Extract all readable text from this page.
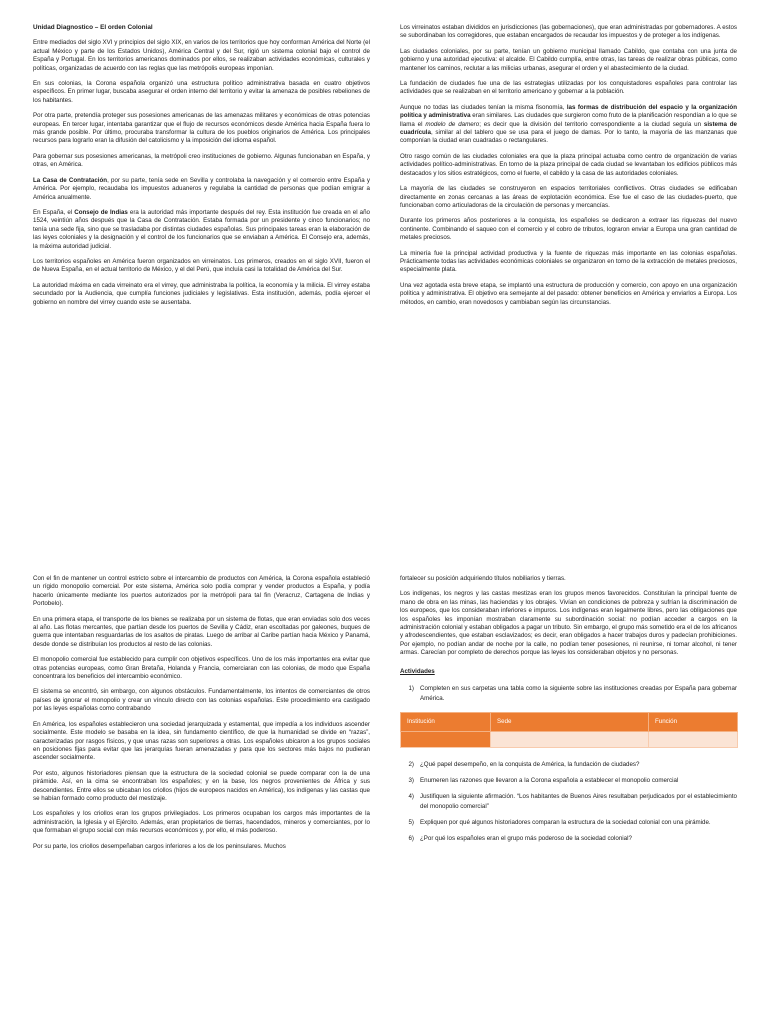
Unidad Diagnostico – El orden Colonial

Entre mediados del siglo XVI y principios del siglo XIX, en varios de los territorios que hoy conforman América del Norte (el actual México y parte de los Estados Unidos), América Central y del Sur, rigió un sistema colonial bajo el control de España y Portugal. En los territorios americanos dominados por ellos, se realizaban actividades económicas, culturales y políticas, organizadas de acuerdo con las reglas que las metrópolis europeas imponían.

En sus colonias, la Corona española organizó una estructura político administrativa basada en cuatro objetivos específicos. En primer lugar, buscaba asegurar el orden interno del territorio y evitar la amenaza de posibles rebeliones de los habitantes.

Por otra parte, pretendía proteger sus posesiones americanas de las amenazas militares y económicas de otras potencias europeas. En tercer lugar, intentaba garantizar que el flujo de recursos económicos desde América hacia España fuera lo más grande posible. Por último, procuraba transformar la cultura de los pueblos originarios de América. Los principales recursos para lograrlo eran la difusión del catolicismo y la imposición del idioma español.

Para gobernar sus posesiones americanas, la metrópoli creo instituciones de gobierno. Algunas funcionaban en España, y otras, en América.

La Casa de Contratación, por su parte, tenía sede en Sevilla y controlaba la navegación y el comercio entre España y América. Por ejemplo, recaudaba los impuestos aduaneros y regulaba la cantidad de personas que podían emigrar a América anualmente.

En España, el Consejo de Indias era la autoridad más importante después del rey. Esta institución fue creada en el año 1524, veintiún años después que la Casa de Contratación. Estaba formada por un presidente y cinco funcionarios; no tenía una sede fija, sino que se trasladaba por distintas ciudades españolas. Sus principales tareas eran la elaboración de las leyes coloniales y la designación y el control de los funcionarios que se enviaban a América. El Consejo era, además, la máxima autoridad judicial.

Los territorios españoles en América fueron organizados en virreinatos. Los primeros, creados en el siglo XVII, fueron el de Nueva España, en el actual territorio de México, y el del Perú, que incluía casi la totalidad de América del Sur.

La autoridad máxima en cada virreinato era el virrey, que administraba la política, la economía y la milicia. El virrey estaba secundado por la Audiencia, que cumplía funciones judiciales y legislativas. Esta institución, además, podía ejercer el gobierno en nombre del virrey cuando este se ausentaba.

Los virreinatos estaban divididos en jurisdicciones (las gobernaciones), que eran administradas por gobernadores. A estos se subordinaban los corregidores, que estaban encargados de recaudar los impuestos y de proteger a los indígenas.

Las ciudades coloniales, por su parte, tenían un gobierno municipal llamado Cabildo, que contaba con una junta de gobierno y una autoridad ejecutiva: el alcalde. El Cabildo cumplía, entre otras, las tareas de realizar obras públicas, como mantener los caminos, reclutar a las milicias urbanas, asegurar el orden y el abastecimiento de la ciudad.

La fundación de ciudades fue una de las estrategias utilizadas por los conquistadores españoles para controlar las actividades que se realizaban en el territorio americano y gobernar a la población.

Aunque no todas las ciudades tenían la misma fisonomía, las formas de distribución del espacio y la organización política y administrativa eran similares. Las ciudades que surgieron como fruto de la planificación respondían a lo que se llama el modelo de damero; es decir que la división del territorio correspondiente a la ciudad seguía un sistema de cuadrícula, similar al del tablero que se usa para el juego de damas. Por lo tanto, la mayoría de las manzanas que componían la ciudad eran cuadradas o rectangulares.

Otro rasgo común de las ciudades coloniales era que la plaza principal actuaba como centro de organización de varias actividades político-administrativas. En torno de la plaza principal de cada ciudad se levantaban los edificios públicos más destacados y los sitios estratégicos, como el fuerte, el cabildo y la casa de las autoridades coloniales.

La mayoría de las ciudades se construyeron en espacios territoriales conflictivos. Otras ciudades se edificaban directamente en zonas cercanas a las áreas de explotación económica. Ese fue el caso de las ciudades-puerto, que funcionaban como articuladoras de la circulación de personas y mercancías.

Durante los primeros años posteriores a la conquista, los españoles se dedicaron a extraer las riquezas del nuevo continente. Combinando el saqueo con el comercio y el cobro de tributos, lograron enviar a Europa una gran cantidad de metales preciosos.

La minería fue la principal actividad productiva y la fuente de riquezas más importante en las colonias españolas. Prácticamente todas las actividades económicas coloniales se organizaron en torno de la extracción de metales preciosos, especialmente plata.

Una vez agotada esta breve etapa, se implantó una estructura de producción y comercio, con apoyo en una organización política y administrativa. El objetivo era semejante al del pasado: obtener beneficios en América y enviarlos a Europa. Los métodos, en cambio, eran novedosos y cambiaban según las circunstancias.

Con el fin de mantener un control estricto sobre el intercambio de productos con América, la Corona española estableció un rígido monopolio comercial. Por este sistema, América solo podía comprar y vender productos a España, y podía hacerlo únicamente mediante los puertos autorizados por la metrópoli para tal fin (Veracruz, Cartagena de Indias y Portobelo).

En una primera etapa, el transporte de los bienes se realizaba por un sistema de flotas, que eran enviadas solo dos veces al año. Las flotas mercantes, que partían desde los puertos de Sevilla y Cádiz, eran escoltadas por galeones, buques de guerra que intentaban resguardarlas de los asaltos de piratas. Luego de arribar al Caribe partían hacia México y Panamá, desde donde se distribuían los productos al resto de las colonias.

El monopolio comercial fue establecido para cumplir con objetivos específicos. Uno de los más importantes era evitar que otras potencias europeas, como Gran Bretaña, Holanda y Francia, comerciaran con las colonias, de modo que España concentrara los beneficios del intercambio económico.

El sistema se encontró, sin embargo, con algunos obstáculos. Fundamentalmente, los intentos de comerciantes de otros países de ignorar el monopolio y crear un vínculo directo con las colonias españolas. Este procedimiento era castigado por las leyes españolas como contrabando

En América, los españoles establecieron una sociedad jerarquizada y estamental, que impedía a los individuos ascender socialmente. Este modelo se basaba en la idea, sin fundamento científico, de que la humanidad se divide en “razas”, caracterizadas por rasgos físicos, y que unas razas son superiores a otras. Los españoles ubicaron a los grupos sociales en posiciones fijas para evitar que las jerarquías fueran amenazadas y para que los sectores más bajos no pudieran ascender socialmente.

Por esto, algunos historiadores piensan que la estructura de la sociedad colonial se puede comparar con la de una pirámide. Así, en la cima se encontraban los españoles; y en la base, los negros provenientes de África y sus descendientes. Entre ellos se ubicaban los criollos (hijos de europeos nacidos en América), los indígenas y las castas que se habían formado como producto del mestizaje.

Los españoles y los criollos eran los grupos privilegiados. Los primeros ocupaban los cargos más importantes de la administración, la Iglesia y el Ejército. Además, eran propietarios de tierras, hacendados, mineros y comerciantes, por lo que formaban el grupo social con más recursos económicos y, por ello, el más poderoso.

Por su parte, los criollos desempeñaban cargos inferiores a los de los peninsulares. Muchos

fortalecer su posición adquiriendo títulos nobiliarios y tierras.

Los indígenas, los negros y las castas mestizas eran los grupos menos favorecidos. Constituían la principal fuente de mano de obra en las minas, las haciendas y los obrajes. Vivían en condiciones de pobreza y sufrían la discriminación de los europeos, que los consideraban inferiores e impuros. Los indígenas eran legalmente libres, pero las obligaciones que los españoles les imponían mostraban claramente su subordinación social: no podían acceder a cargos en la administración colonial y estaban obligados a pagar un tributo. Sin embargo, el grupo más sometido era el de los africanos y afrodescendientes, que estaban esclavizados; es decir, eran obligados a hacer trabajos duros y padecían prohibiciones. Por ejemplo, no podían andar de noche por la calle, no podían tener posesiones, ni reunirse, ni tomar alcohol, ni tener armas. Carecían por completo de derechos porque las leyes los consideraban objetos y no personas.

Actividades
1) Completen en sus carpetas una tabla como la siguiente sobre las instituciones creadas por España para gobernar América.
Institución	Sede	Función

2) ¿Qué papel desempeño, en la conquista de América, la fundación de ciudades?
3) Enumeren las razones que llevaron a la Corona española a establecer el monopolio comercial
4) Justifiquen la siguiente afirmación. “Los habitantes de Buenos Aires resultaban perjudicados por el establecimiento del monopolio comercial”
5) Expliquen por qué algunos historiadores comparan la estructura de la sociedad colonial con una pirámide.
6) ¿Por qué los españoles eran el grupo más poderoso de la sociedad colonial?
